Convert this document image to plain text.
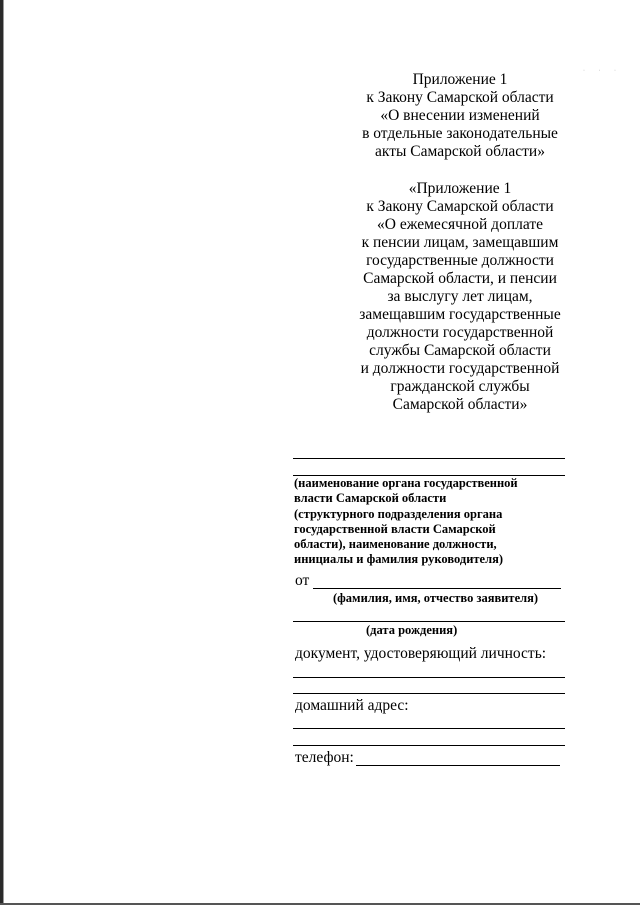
· · ·
Приложение 1
к Закону Самарской области
«О внесении изменений
в отдельные законодательные
акты Самарской области»
«Приложение 1
к Закону Самарской области
«О ежемесячной доплате
к пенсии лицам, замещавшим
государственные должности
Самарской области, и пенсии
за выслугу лет лицам,
замещавшим государственные
должности государственной
службы Самарской области
и должности государственной
гражданской службы
Самарской области»
(наименование органа государственной
власти Самарской области
(структурного подразделения органа
государственной власти Самарской
области), наименование должности,
инициалы и фамилия руководителя)
от
(фамилия, имя, отчество заявителя)
(дата рождения)
документ, удостоверяющий личность:
домашний адрес:
телефон:
